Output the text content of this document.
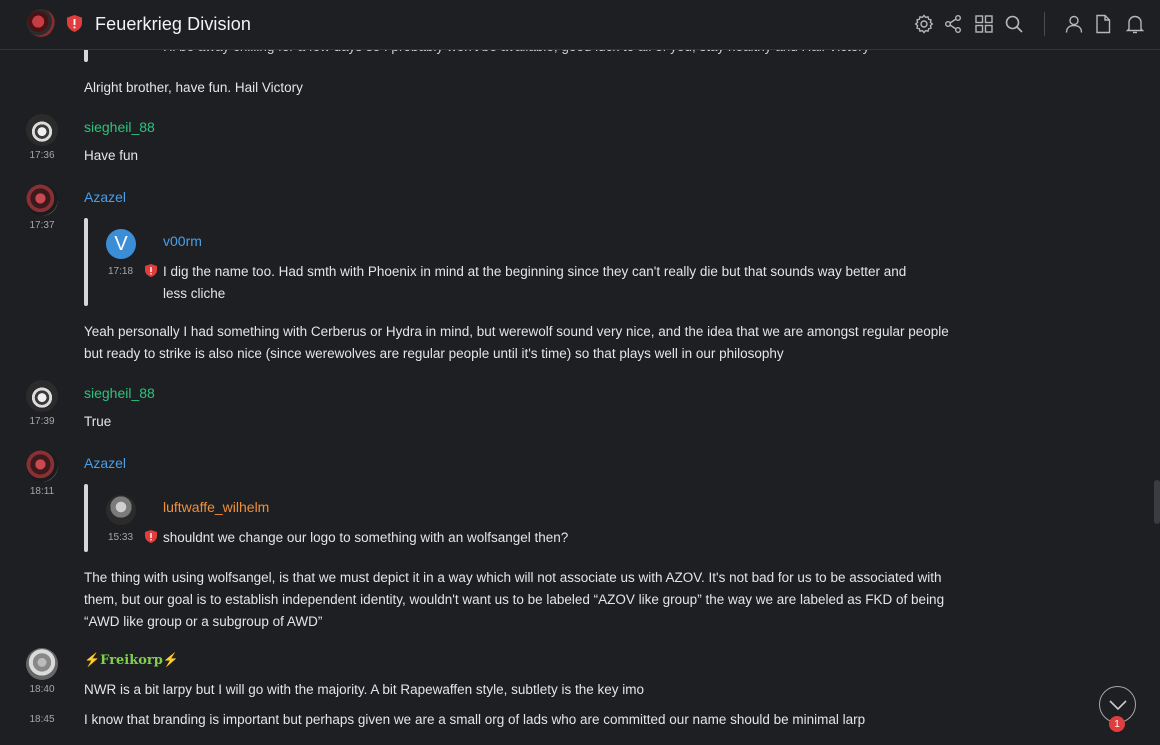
Alright brother, have fun. Hail Victory
17:36
siegheil_88
Have fun
17:37
Azazel
V	v00rm
17:18 I dig the name too. Had smth with Phoenix in mind at the beginning since they can't really die but that sounds way better and
less cliche
Yeah personally I had something with Cerberus or Hydra in mind, but werewolf sound very nice, and the idea that we are amongst regular people
but ready to strike is also nice (since werewolves are regular people until it's time) so that plays well in our philosophy
17:39
siegheil_88
True
18:11
Azazel
luftwaffe_wilhelm
15:33 shouldnt we change our logo to something with an wolfsangel then?
The thing with using wolfsangel, is that we must depict it in a way which will not associate us with AZOV. It's not bad for us to be associated with
them, but our goal is to establish independent identity, wouldn't want us to be labeled “AZOV like group” the way we are labeled as FKD of being
“AWD like group or a subgroup of AWD”
18:40
⚡Freikorp⚡
NWR is a bit larpy but I will go with the majority. A bit Rapewaffen style, subtlety is the key imo
18:45	I know that branding is important but perhaps given we are a small org of lads who are committed our name should be minimal larp
Feuerkrieg Division
1
